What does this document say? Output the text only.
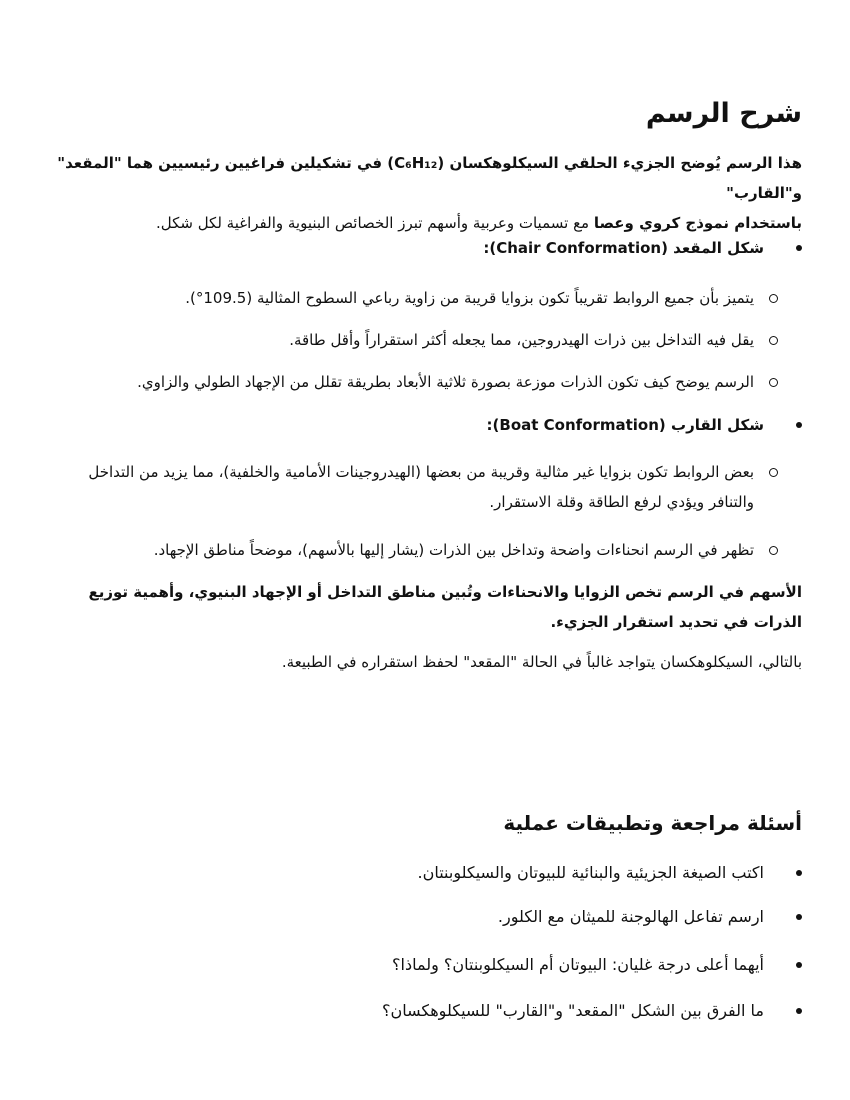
شرح الرسم
هذا الرسم يُوضح الجزيء الحلقي السيكلوهكسان (C₆H₁₂) في تشكيلين فراغيين رئيسيين هما "المقعد" و"القارب"
باستخدام نموذج كروي وعصا مع تسميات وعربية وأسهم تبرز الخصائص البنيوية والفراغية لكل شكل.
شكل المقعد (Chair Conformation):
يتميز بأن جميع الروابط تقريباً تكون بزوايا قريبة من زاوية رباعي السطوح المثالية (109.5°).
يقل فيه التداخل بين ذرات الهيدروجين، مما يجعله أكثر استقراراً وأقل طاقة.
الرسم يوضح كيف تكون الذرات موزعة بصورة ثلاثية الأبعاد بطريقة تقلل من الإجهاد الطولي والزاوي.
شكل القارب (Boat Conformation):
بعض الروابط تكون بزوايا غير مثالية وقريبة من بعضها (الهيدروجينات الأمامية والخلفية)، مما يزيد من التداخل والتنافر ويؤدي لرفع الطاقة وقلة الاستقرار.
تظهر في الرسم انحناءات واضحة وتداخل بين الذرات (يشار إليها بالأسهم)، موضحاً مناطق الإجهاد.
الأسهم في الرسم تخص الزوايا والانحناءات وتُبين مناطق التداخل أو الإجهاد البنيوي، وأهمية توزيع الذرات في تحديد استقرار الجزيء.
بالتالي، السيكلوهكسان يتواجد غالباً في الحالة "المقعد" لحفظ استقراره في الطبيعة.
أسئلة مراجعة وتطبيقات عملية
اكتب الصيغة الجزيئية والبنائية للبيوتان والسيكلوبنتان.
ارسم تفاعل الهالوجنة للميثان مع الكلور.
أيهما أعلى درجة غليان: البيوتان أم السيكلوبنتان؟ ولماذا؟
ما الفرق بين الشكل "المقعد" و"القارب" للسيكلوهكسان؟
